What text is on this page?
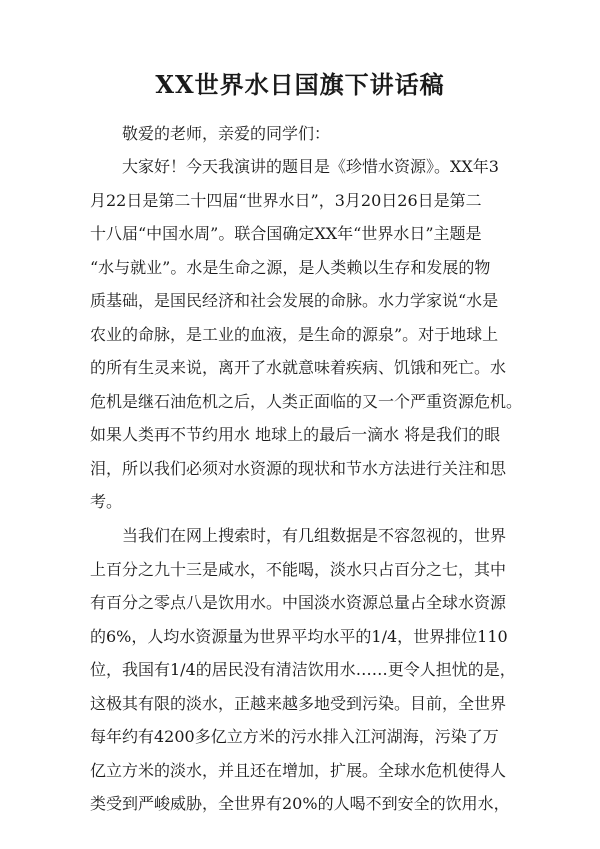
XX世界水日国旗下讲话稿
敬爱的老师，亲爱的同学们：
大家好！今天我演讲的题目是《珍惜水资源》。XX年3
月22日是第二十四届“世界水日”，3月20日26日是第二
十八届“中国水周”。联合国确定XX年“世界水日”主题是
“水与就业”。水是生命之源，是人类赖以生存和发展的物
质基础，是国民经济和社会发展的命脉。水力学家说“水是
农业的命脉，是工业的血液，是生命的源泉”。对于地球上
的所有生灵来说，离开了水就意味着疾病、饥饿和死亡。水
危机是继石油危机之后，人类正面临的又一个严重资源危机。
如果人类再不节约用水 地球上的最后一滴水 将是我们的眼
泪，所以我们必须对水资源的现状和节水方法进行关注和思
考。
当我们在网上搜索时，有几组数据是不容忽视的，世界
上百分之九十三是咸水，不能喝，淡水只占百分之七，其中
有百分之零点八是饮用水。中国淡水资源总量占全球水资源
的6%，人均水资源量为世界平均水平的1/4，世界排位110
位，我国有1/4的居民没有清洁饮用水……更令人担忧的是，
这极其有限的淡水，正越来越多地受到污染。目前，全世界
每年约有4200多亿立方米的污水排入江河湖海，污染了万
亿立方米的淡水，并且还在增加，扩展。全球水危机使得人
类受到严峻威胁，全世界有20%的人喝不到安全的饮用水，
